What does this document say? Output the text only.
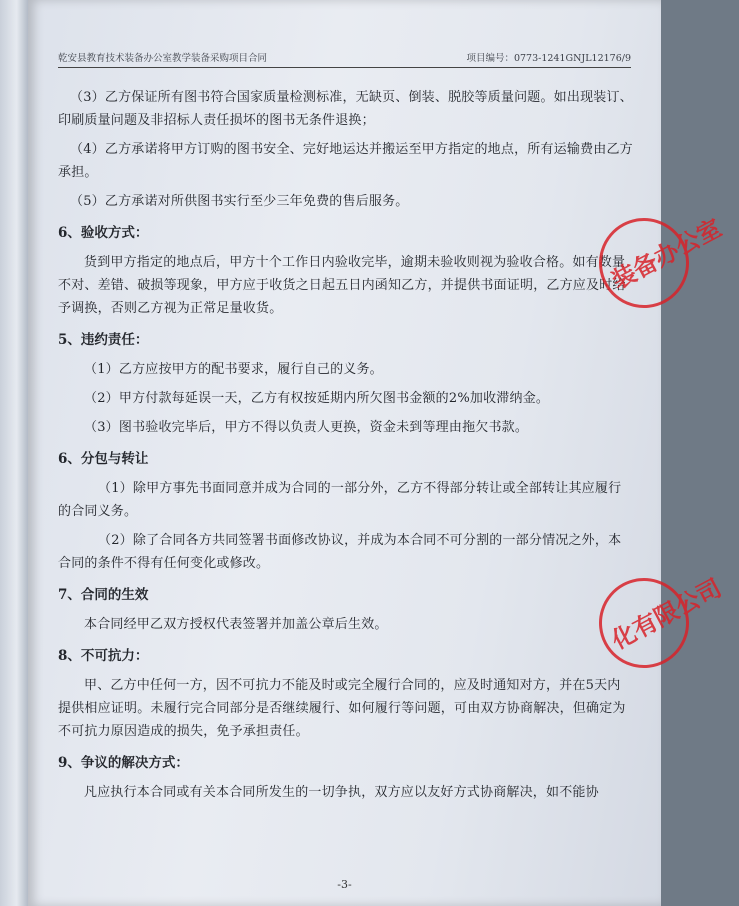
乾安县教育技术装备办公室教学装备采购项目合同	项目编号：0773-1241GNJL12176/9

（3）乙方保证所有图书符合国家质量检测标准，无缺页、倒装、脱胶等质量问题。如出现装订、印刷质量问题及非招标人责任损坏的图书无条件退换；

（4）乙方承诺将甲方订购的图书安全、完好地运达并搬运至甲方指定的地点，所有运输费由乙方承担。

（5）乙方承诺对所供图书实行至少三年免费的售后服务。

6、验收方式：

货到甲方指定的地点后，甲方十个工作日内验收完毕，逾期未验收则视为验收合格。如有数量不对、差错、破损等现象，甲方应于收货之日起五日内函知乙方，并提供书面证明，乙方应及时给予调换，否则乙方视为正常足量收货。

5、违约责任：

（1）乙方应按甲方的配书要求，履行自己的义务。

（2）甲方付款每延误一天，乙方有权按延期内所欠图书金额的2%加收滞纳金。

（3）图书验收完毕后，甲方不得以负责人更换，资金未到等理由拖欠书款。

6、分包与转让

（1）除甲方事先书面同意并成为合同的一部分外，乙方不得部分转让或全部转让其应履行的合同义务。

（2）除了合同各方共同签署书面修改协议，并成为本合同不可分割的一部分情况之外，本合同的条件不得有任何变化或修改。

7、合同的生效

本合同经甲乙双方授权代表签署并加盖公章后生效。

8、不可抗力：

甲、乙方中任何一方，因不可抗力不能及时或完全履行合同的，应及时通知对方，并在5天内提供相应证明。未履行完合同部分是否继续履行、如何履行等问题，可由双方协商解决，但确定为不可抗力原因造成的损失，免予承担责任。

9、争议的解决方式：

凡应执行本合同或有关本合同所发生的一切争执，双方应以友好方式协商解决，如不能协

-3-
装备办公室
化有限公司
